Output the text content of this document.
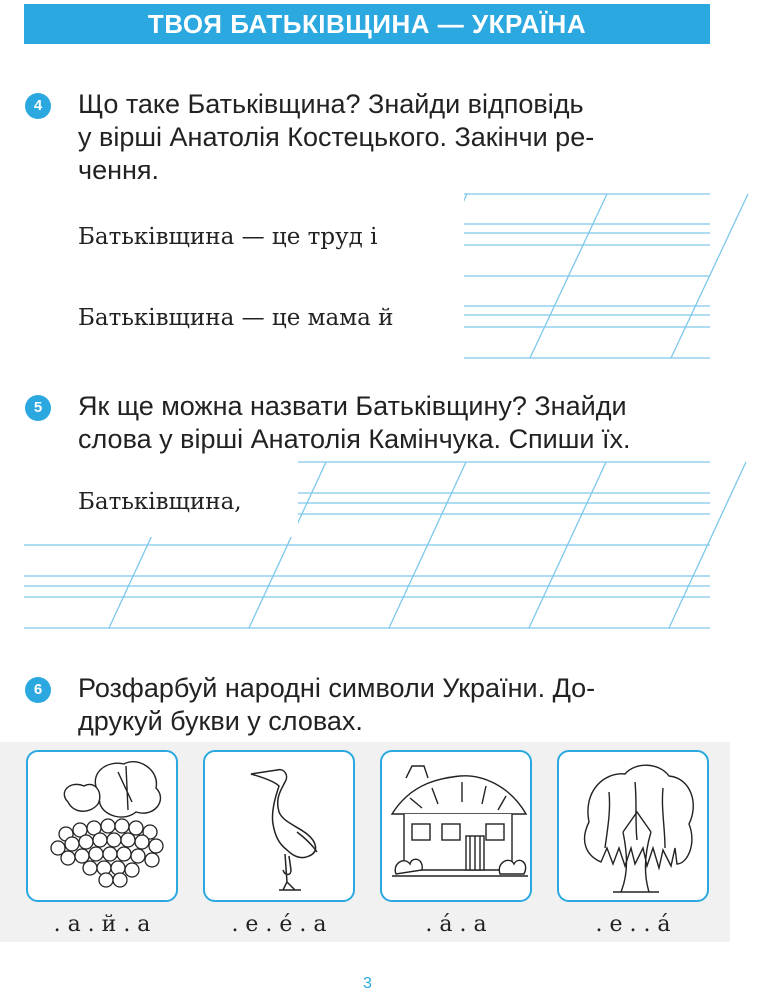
ТВОЯ БАТЬКІВЩИНА — УКРАЇНА
4	Що таке Батьківщина? Знайди відповідь
у вірші Анатолія Костецького. Закінчи ре-
чення.
Батьківщина — це труд і
Батьківщина — це мама й
5	Як ще можна назвати Батьківщину? Знайди
слова у вірші Анатолія Камінчука. Спиши їх.
Батьківщина,
6	Розфарбуй народні символи України. До-
друкуй букви у словах.
. а . й . а	. е . é . а	. á . а	. е . . á
3
